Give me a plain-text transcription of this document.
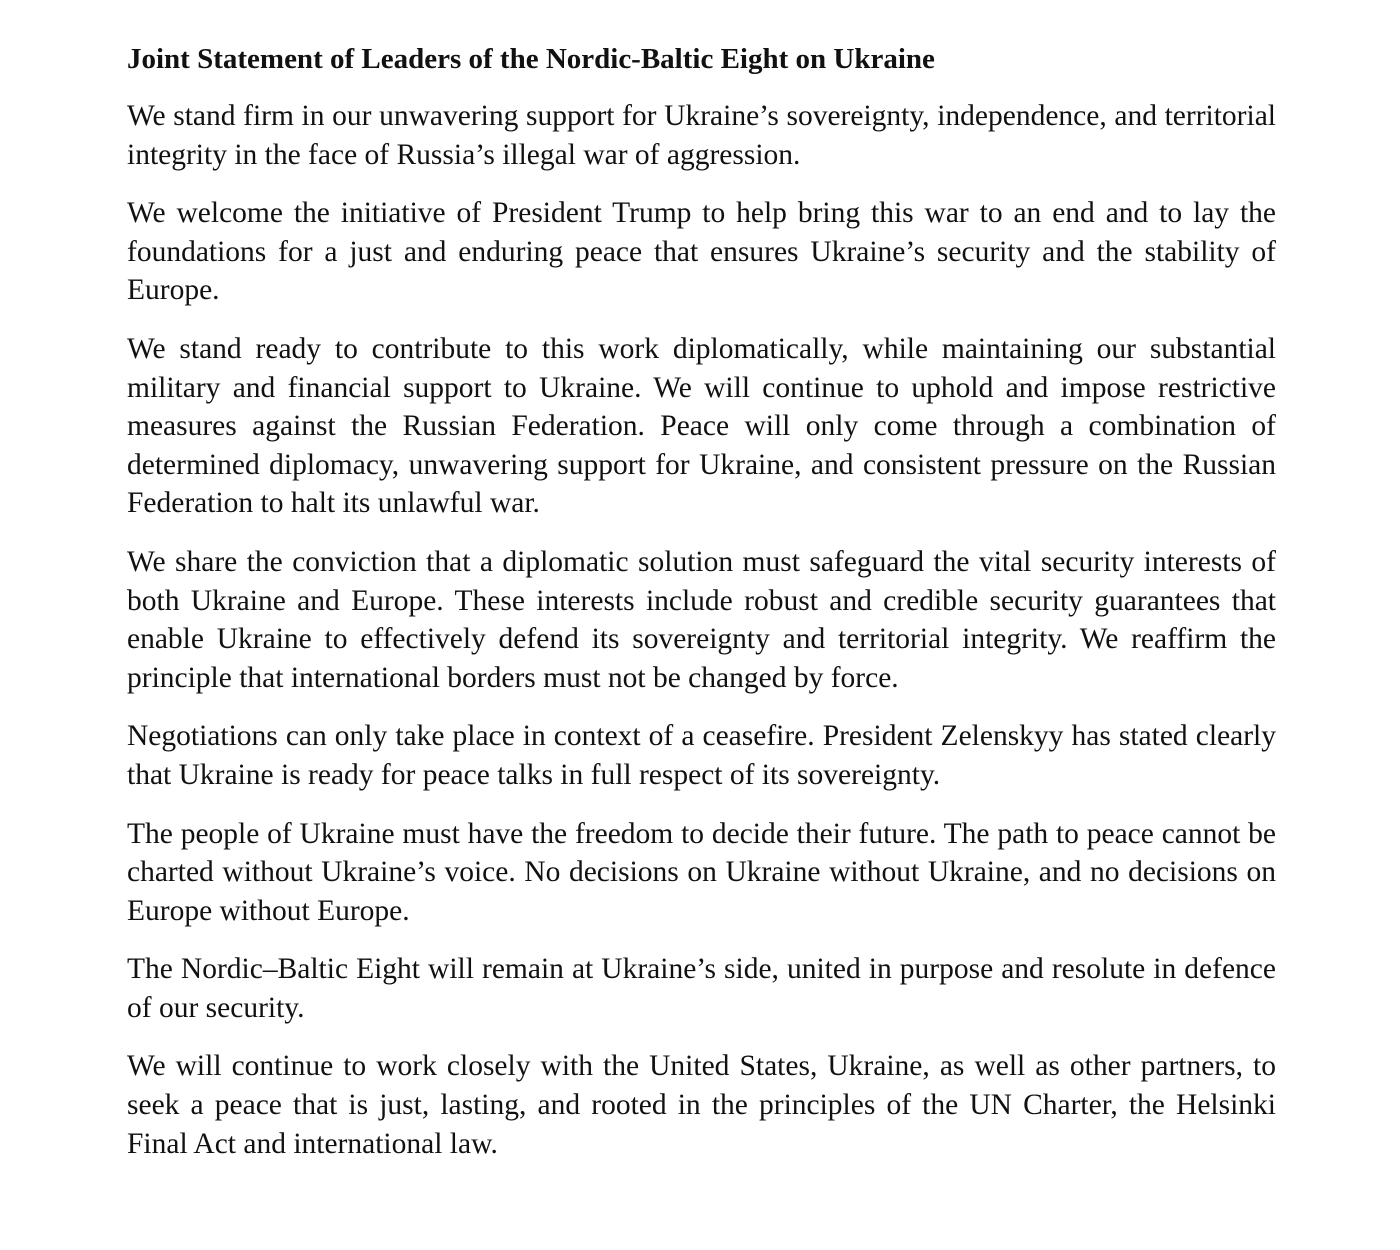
Joint Statement of Leaders of the Nordic-Baltic Eight on Ukraine

We stand firm in our unwavering support for Ukraine’s sovereignty, independence, and territorial integrity in the face of Russia’s illegal war of aggression.

We welcome the initiative of President Trump to help bring this war to an end and to lay the foundations for a just and enduring peace that ensures Ukraine’s security and the stability of Europe.

We stand ready to contribute to this work diplomatically, while maintaining our substantial military and financial support to Ukraine. We will continue to uphold and impose restrictive measures against the Russian Federation. Peace will only come through a combination of determined diplomacy, unwavering support for Ukraine, and consistent pressure on the Russian Federation to halt its unlawful war.

We share the conviction that a diplomatic solution must safeguard the vital security interests of both Ukraine and Europe. These interests include robust and credible security guarantees that enable Ukraine to effectively defend its sovereignty and territorial integrity. We reaffirm the principle that international borders must not be changed by force.

Negotiations can only take place in context of a ceasefire. President Zelenskyy has stated clearly that Ukraine is ready for peace talks in full respect of its sovereignty.

The people of Ukraine must have the freedom to decide their future. The path to peace cannot be charted without Ukraine’s voice. No decisions on Ukraine without Ukraine, and no decisions on Europe without Europe.

The Nordic–Baltic Eight will remain at Ukraine’s side, united in purpose and resolute in defence of our security.

We will continue to work closely with the United States, Ukraine, as well as other partners, to seek a peace that is just, lasting, and rooted in the principles of the UN Charter, the Helsinki Final Act and international law.
